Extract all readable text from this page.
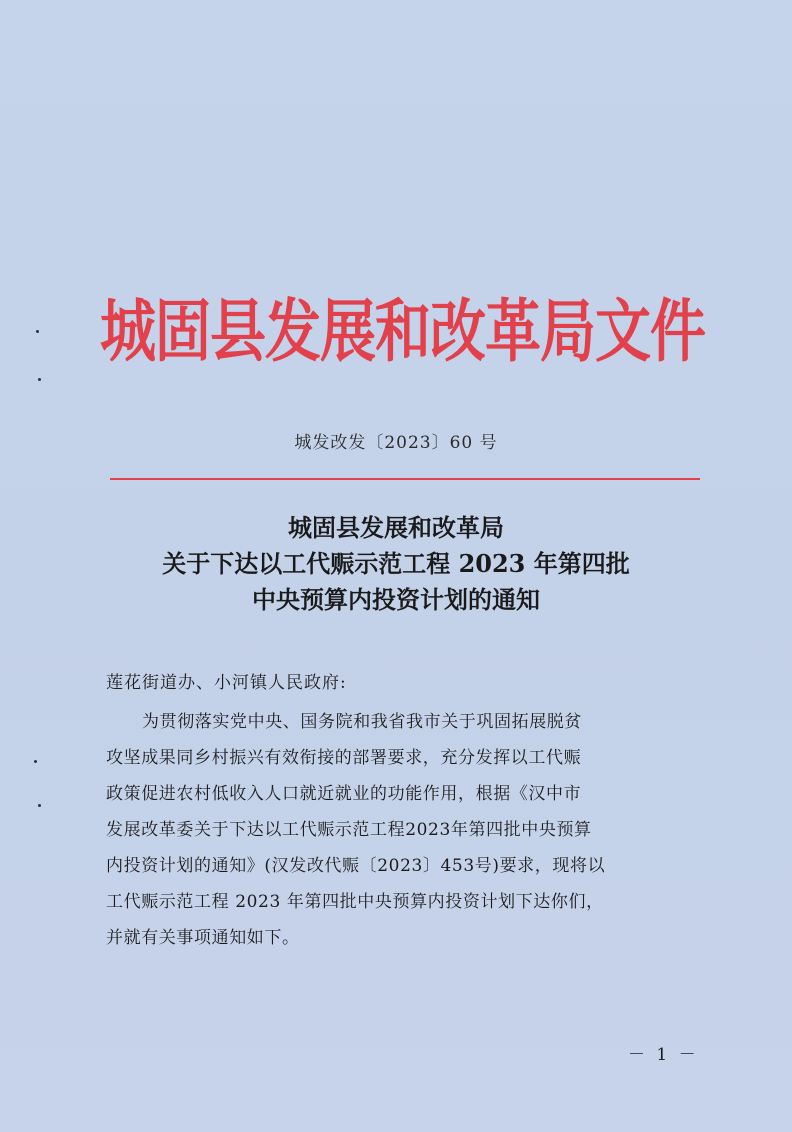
城固县发展和改革局文件
城发改发〔2023〕60 号
城固县发展和改革局
关于下达以工代赈示范工程 2023 年第四批
中央预算内投资计划的通知
莲花街道办、小河镇人民政府:
为贯彻落实党中央、国务院和我省我市关于巩固拓展脱贫
攻坚成果同乡村振兴有效衔接的部署要求，充分发挥以工代赈
政策促进农村低收入人口就近就业的功能作用，根据《汉中市
发展改革委关于下达以工代赈示范工程2023年第四批中央预算
内投资计划的通知》(汉发改代赈〔2023〕453号)要求，现将以
工代赈示范工程 2023 年第四批中央预算内投资计划下达你们，
并就有关事项通知如下。
－ 1 －
